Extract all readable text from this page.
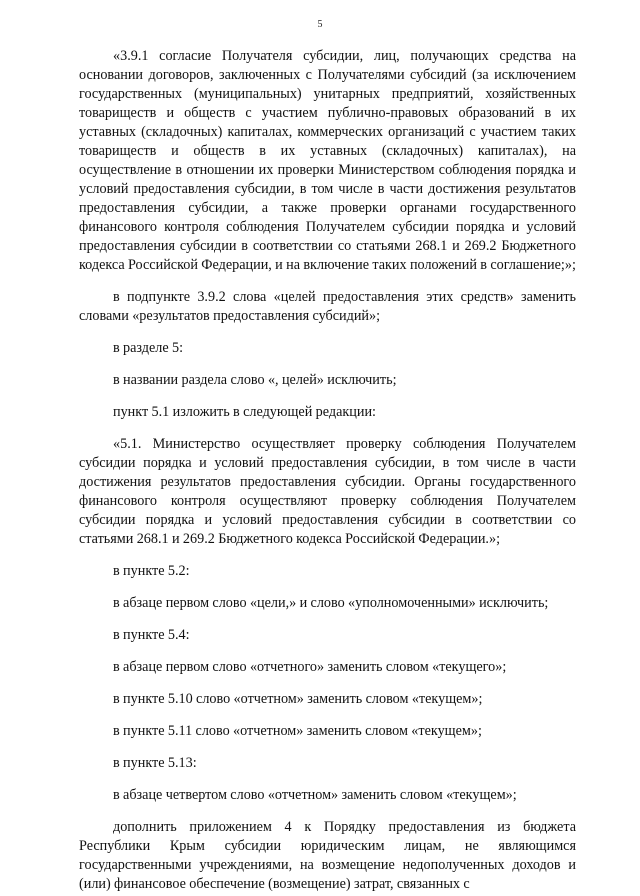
5

«3.9.1 согласие Получателя субсидии, лиц, получающих средства на основании договоров, заключенных с Получателями субсидий (за исключением государственных (муниципальных) унитарных предприятий, хозяйственных товариществ и обществ с участием публично-правовых образований в их уставных (складочных) капиталах, коммерческих организаций с участием таких товариществ и обществ в их уставных (складочных) капиталах), на осуществление в отношении их проверки Министерством соблюдения порядка и условий предоставления субсидии, в том числе в части достижения результатов предоставления субсидии, а также проверки органами государственного финансового контроля соблюдения Получателем субсидии порядка и условий предоставления субсидии в соответствии со статьями 268.1 и 269.2 Бюджетного кодекса Российской Федерации, и на включение таких положений в соглашение;»;

в подпункте 3.9.2 слова «целей предоставления этих средств» заменить словами «результатов предоставления субсидий»;

в разделе 5:

в названии раздела слово «, целей» исключить;

пункт 5.1 изложить в следующей редакции:

«5.1. Министерство осуществляет проверку соблюдения Получателем субсидии порядка и условий предоставления субсидии, в том числе в части достижения результатов предоставления субсидии. Органы государственного финансового контроля осуществляют проверку соблюдения Получателем субсидии порядка и условий предоставления субсидии в соответствии со статьями 268.1 и 269.2 Бюджетного кодекса Российской Федерации.»;

в пункте 5.2:

в абзаце первом слово «цели,» и слово «уполномоченными» исключить;

в пункте 5.4:

в абзаце первом слово «отчетного» заменить словом «текущего»;

в пункте 5.10 слово «отчетном» заменить словом «текущем»;

в пункте 5.11 слово «отчетном» заменить словом «текущем»;

в пункте 5.13:

в абзаце четвертом слово «отчетном» заменить словом «текущем»;

дополнить приложением 4 к Порядку предоставления из бюджета Республики Крым субсидии юридическим лицам, не являющимся государственными учреждениями, на возмещение недополученных доходов и (или) финансовое обеспечение (возмещение) затрат, связанных с
